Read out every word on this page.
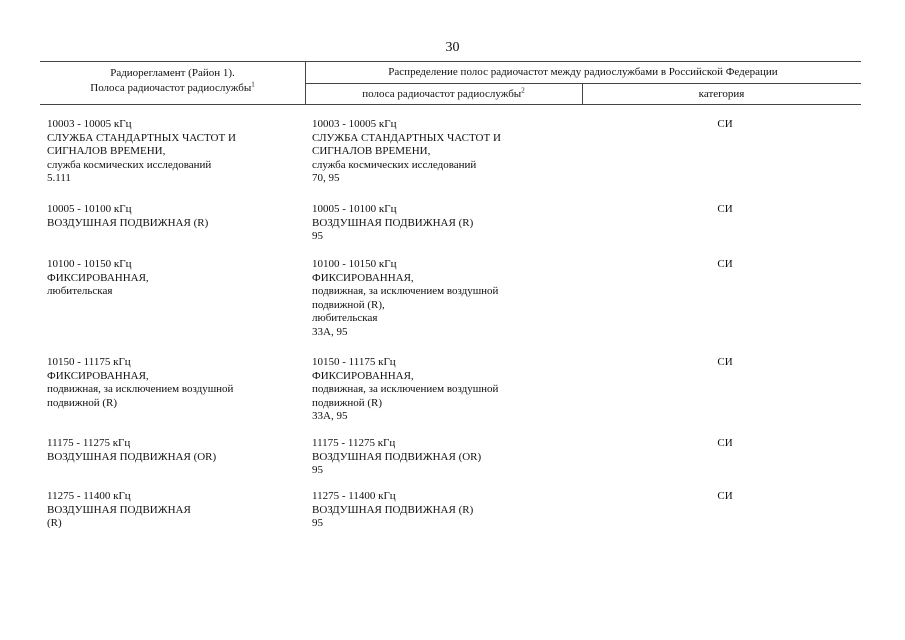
30
Радиорегламент (Район 1).
Полоса радиочастот радиослужбы$^1$
Распределение полос радиочастот между радиослужбами в Российской Федерации
полоса радиочастот радиослужбы$^2$	категория
10003 - 10005 кГц
СЛУЖБА СТАНДАРТНЫХ ЧАСТОТ И
СИГНАЛОВ ВРЕМЕНИ,
служба космических исследований
5.111
10003 - 10005 кГц
СЛУЖБА СТАНДАРТНЫХ ЧАСТОТ И
СИГНАЛОВ ВРЕМЕНИ,
служба космических исследований
70, 95
СИ
10005 - 10100 кГц
ВОЗДУШНАЯ ПОДВИЖНАЯ (R)
10005 - 10100 кГц
ВОЗДУШНАЯ ПОДВИЖНАЯ (R)
95
СИ
10100 - 10150 кГц
ФИКСИРОВАННАЯ,
любительская
10100 - 10150 кГц
ФИКСИРОВАННАЯ,
подвижная, за исключением воздушной
подвижной (R),
любительская
33А, 95
СИ
10150 - 11175 кГц
ФИКСИРОВАННАЯ,
подвижная, за исключением воздушной
подвижной (R)
10150 - 11175 кГц
ФИКСИРОВАННАЯ,
подвижная, за исключением воздушной
подвижной (R)
33А, 95
СИ
11175 - 11275 кГц
ВОЗДУШНАЯ ПОДВИЖНАЯ (OR)
11175 - 11275 кГц
ВОЗДУШНАЯ ПОДВИЖНАЯ (OR)
95
СИ
11275 - 11400 кГц
ВОЗДУШНАЯ ПОДВИЖНАЯ
(R)
11275 - 11400 кГц
ВОЗДУШНАЯ ПОДВИЖНАЯ (R)
95
СИ
